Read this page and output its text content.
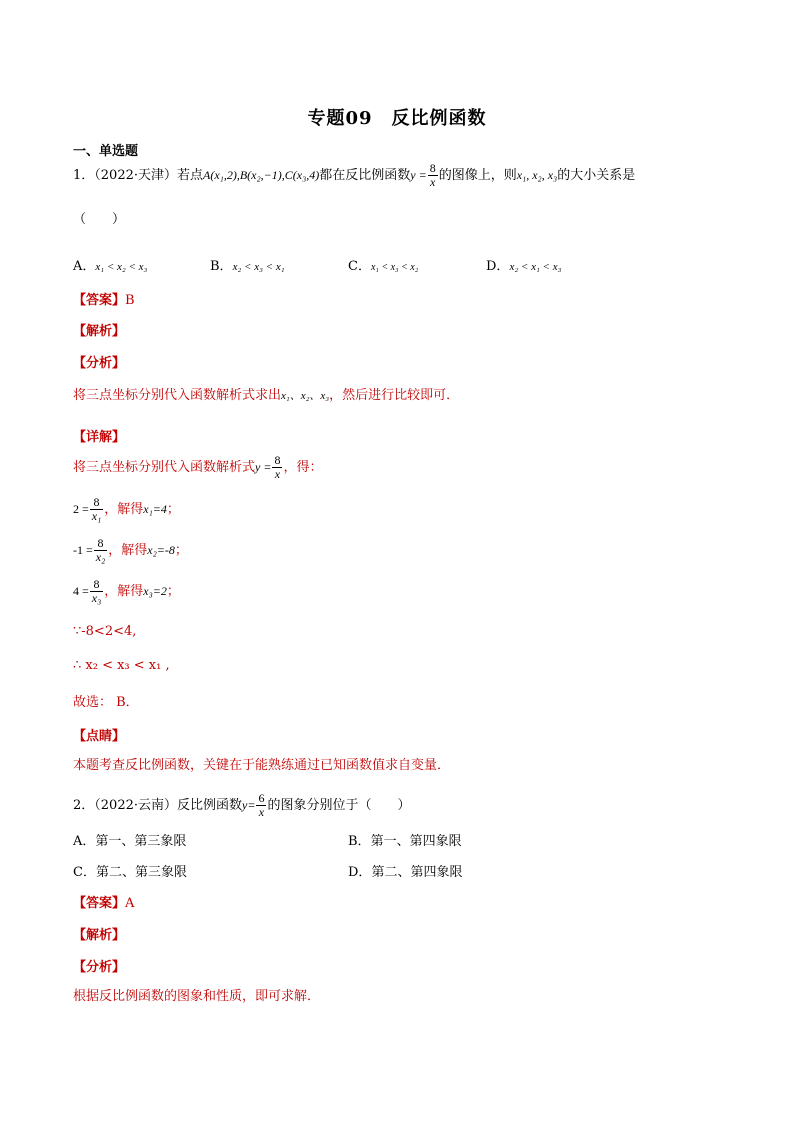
专题09　反比例函数
一、单选题
1．（2022·天津）若点A(x₁,2),B(x₂,−1),C(x₃,4)都在反比例函数$y = \frac{8}{x}$ 的图像上，则x₁, x₂, x₃的大小关系是
（　　）
A．x₁ < x₂ < x₃	B．x₂ < x₃ < x₁	C．x₁ < x₃ < x₂	D．x₂ < x₁ < x₃
【答案】B
【解析】
【分析】
将三点坐标分别代入函数解析式求出x₁、x₂、x₃，然后进行比较即可．
【详解】
将三点坐标分别代入函数解析式$y = \frac{8}{x}$ ，得：
$2 = \frac{8}{\text{x₁}}$ ，解得x₁=4；
$-1 = \frac{8}{\text{x₂}}$ ，解得x₂=-8；
$4 = \frac{8}{\text{x₃}}$ ，解得x₃=2；
∵-8<2<4,
∴ x₂ < x₃ < x₁ ,
故选： B．
【点睛】
本题考查反比例函数，关键在于能熟练通过已知函数值求自变量．
2．（2022·云南）反比例函数$y= \frac{6}{x}$ 的图象分别位于（　　）
A．第一、第三象限	B．第一、第四象限
C．第二、第三象限	D．第二、第四象限
【答案】A
【解析】
【分析】
根据反比例函数的图象和性质，即可求解．
